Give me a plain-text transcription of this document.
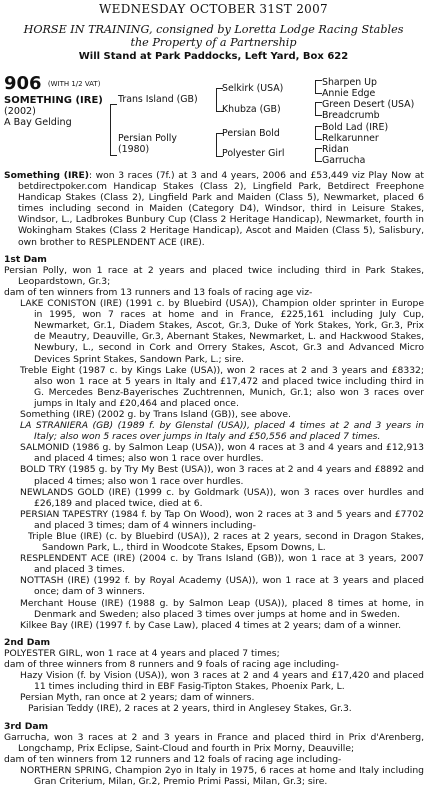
WEDNESDAY OCTOBER 31ST 2007
HORSE IN TRAINING, consigned by Loretta Lodge Racing Stables
the Property of a Partnership
Will Stand at Park Paddocks, Left Yard, Box 622
906 (WITH 1/2 VAT)
SOMETHING (IRE)
(2002)
A Bay Gelding
Trans Island (GB)
Persian Polly
(1980)
Selkirk (USA)
Khubza (GB)
Persian Bold
Polyester Girl
Sharpen Up
Annie Edge
Green Desert (USA)
Breadcrumb
Bold Lad (IRE)
Relkarunner
Ridan
Garrucha

Something (IRE): won 3 races (7f.) at 3 and 4 years, 2006 and £53,449 viz Play Now at betdirectpoker.com Handicap Stakes (Class 2), Lingfield Park, Betdirect Freephone Handicap Stakes (Class 2), Lingfield Park and Maiden (Class 5), Newmarket, placed 6 times including second in Maiden (Category D4), Windsor, third in Leisure Stakes, Windsor, L., Ladbrokes Bunbury Cup (Class 2 Heritage Handicap), Newmarket, fourth in Wokingham Stakes (Class 2 Heritage Handicap), Ascot and Maiden (Class 5), Salisbury, own brother to RESPLENDENT ACE (IRE).

1st Dam

Persian Polly, won 1 race at 2 years and placed twice including third in Park Stakes, Leopardstown, Gr.3;

dam of ten winners from 13 runners and 13 foals of racing age viz-

LAKE CONISTON (IRE) (1991 c. by Bluebird (USA)), Champion older sprinter in Europe in 1995, won 7 races at home and in France, £225,161 including July Cup, Newmarket, Gr.1, Diadem Stakes, Ascot, Gr.3, Duke of York Stakes, York, Gr.3, Prix de Meautry, Deauville, Gr.3, Abernant Stakes, Newmarket, L. and Hackwood Stakes, Newbury, L., second in Cork and Orrery Stakes, Ascot, Gr.3 and Advanced Micro Devices Sprint Stakes, Sandown Park, L.; sire.

Treble Eight (1987 c. by Kings Lake (USA)), won 2 races at 2 and 3 years and £8332; also won 1 race at 5 years in Italy and £17,472 and placed twice including third in G. Mercedes Benz-Bayerisches Zuchtrennen, Munich, Gr.1; also won 3 races over jumps in Italy and £20,464 and placed once.

Something (IRE) (2002 g. by Trans Island (GB)), see above.

LA STRANIERA (GB) (1989 f. by Glenstal (USA)), placed 4 times at 2 and 3 years in Italy; also won 5 races over jumps in Italy and £50,556 and placed 7 times.

SALMONID (1986 g. by Salmon Leap (USA)), won 4 races at 3 and 4 years and £12,913 and placed 4 times; also won 1 race over hurdles.

BOLD TRY (1985 g. by Try My Best (USA)), won 3 races at 2 and 4 years and £8892 and placed 4 times; also won 1 race over hurdles.

NEWLANDS GOLD (IRE) (1999 c. by Goldmark (USA)), won 3 races over hurdles and £26,189 and placed twice, died at 6.

PERSIAN TAPESTRY (1984 f. by Tap On Wood), won 2 races at 3 and 5 years and £7702 and placed 3 times; dam of 4 winners including-

Triple Blue (IRE) (c. by Bluebird (USA)), 2 races at 2 years, second in Dragon Stakes, Sandown Park, L., third in Woodcote Stakes, Epsom Downs, L.

RESPLENDENT ACE (IRE) (2004 c. by Trans Island (GB)), won 1 race at 3 years, 2007 and placed 3 times.

NOTTASH (IRE) (1992 f. by Royal Academy (USA)), won 1 race at 3 years and placed once; dam of 3 winners.

Merchant House (IRE) (1988 g. by Salmon Leap (USA)), placed 8 times at home, in Denmark and Sweden; also placed 3 times over jumps at home and in Sweden.

Kilkee Bay (IRE) (1997 f. by Case Law), placed 4 times at 2 years; dam of a winner.

2nd Dam

POLYESTER GIRL, won 1 race at 4 years and placed 7 times;

dam of three winners from 8 runners and 9 foals of racing age including-

Hazy Vision (f. by Vision (USA)), won 3 races at 2 and 4 years and £17,420 and placed 11 times including third in EBF Fasig-Tipton Stakes, Phoenix Park, L.

Persian Myth, ran once at 2 years; dam of winners.

Parisian Teddy (IRE), 2 races at 2 years, third in Anglesey Stakes, Gr.3.

3rd Dam

Garrucha, won 3 races at 2 and 3 years in France and placed third in Prix d'Arenberg, Longchamp, Prix Eclipse, Saint-Cloud and fourth in Prix Morny, Deauville;

dam of ten winners from 12 runners and 12 foals of racing age including-

NORTHERN SPRING, Champion 2yo in Italy in 1975, 6 races at home and Italy including Gran Criterium, Milan, Gr.2, Premio Primi Passi, Milan, Gr.3; sire.
